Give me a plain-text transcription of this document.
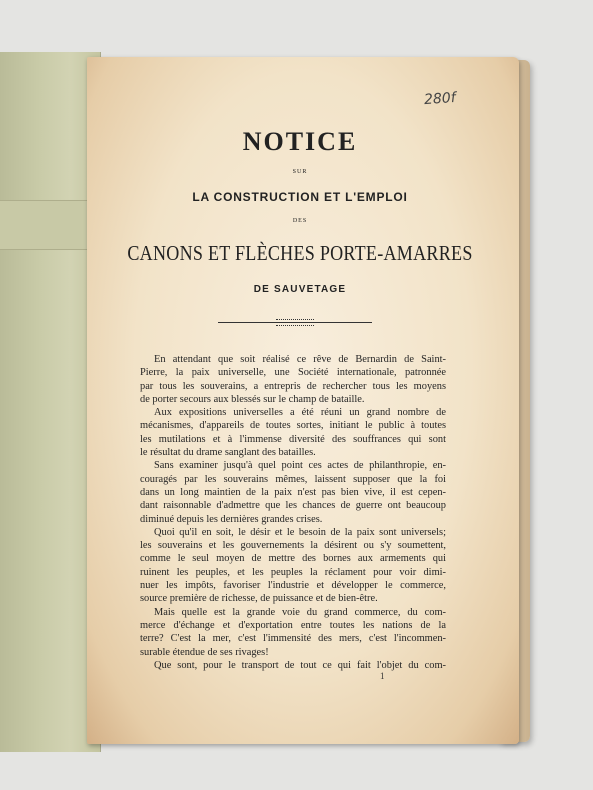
280f
NOTICE
SUR
LA CONSTRUCTION ET L'EMPLOI
DES
CANONS ET FLÈCHES PORTE-AMARRES
DE SAUVETAGE
En attendant que soit réalisé ce rêve de Bernardin de Saint-
Pierre, la paix universelle, une Société internationale, patronnée
par tous les souverains, a entrepris de rechercher tous les moyens
de porter secours aux blessés sur le champ de bataille.
Aux expositions universelles a été réuni un grand nombre de
mécanismes, d'appareils de toutes sortes, initiant le public à toutes
les mutilations et à l'immense diversité des souffrances qui sont
le résultat du drame sanglant des batailles.
Sans examiner jusqu'à quel point ces actes de philanthropie, en-
couragés par les souverains mêmes, laissent supposer que la foi
dans un long maintien de la paix n'est pas bien vive, il est cepen-
dant raisonnable d'admettre que les chances de guerre ont beaucoup
diminué depuis les dernières grandes crises.
Quoi qu'il en soit, le désir et le besoin de la paix sont universels;
les souverains et les gouvernements la désirent ou s'y soumettent,
comme le seul moyen de mettre des bornes aux armements qui
ruinent les peuples, et les peuples la réclament pour voir dimi-
nuer les impôts, favoriser l'industrie et développer le commerce,
source première de richesse, de puissance et de bien-être.
Mais quelle est la grande voie du grand commerce, du com-
merce d'échange et d'exportation entre toutes les nations de la
terre? C'est la mer, c'est l'immensité des mers, c'est l'incommen-
surable étendue de ses rivages!
Que sont, pour le transport de tout ce qui fait l'objet du com-
1
